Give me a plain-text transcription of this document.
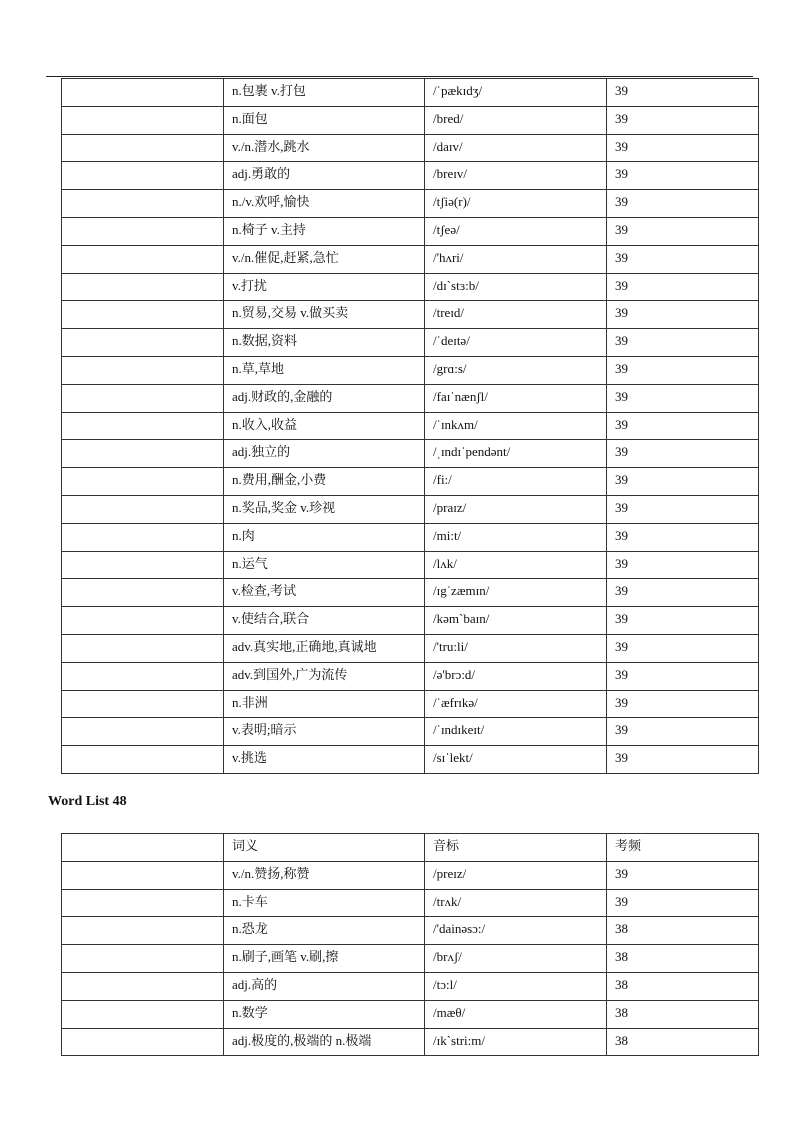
	n.包裹 v.打包	/ˈpækɪdʒ/	39

	n.面包	/bred/	39

	v./n.潜水,跳水	/daɪv/	39

	adj.勇敢的	/breɪv/	39

	n./v.欢呼,愉快	/tʃiə(r)/	39

	n.椅子 v.主持	/tʃeə/	39

	v./n.催促,赶紧,急忙	/'hʌri/	39

	v.打扰	/dɪˋstɜ:b/	39

	n.贸易,交易 v.做买卖	/treɪd/	39

	n.数据,资料	/ˈdeɪtə/	39

	n.草,草地	/grɑ:s/	39

	adj.财政的,金融的	/faɪˈnænʃl/	39

	n.收入,收益	/ˈɪnkʌm/	39

	adj.独立的	/ˌɪndɪˈpendənt/	39

	n.费用,酬金,小费	/fi:/	39

	n.奖品,奖金 v.珍视	/praɪz/	39

	n.肉	/mi:t/	39

	n.运气	/lʌk/	39

	v.检查,考试	/ɪgˈzæmɪn/	39

	v.使结合,联合	/kəmˋbaɪn/	39

	adv.真实地,正确地,真诚地	/'tru:li/	39

	adv.到国外,广为流传	/ə'brɔ:d/	39

	n.非洲	/ˈæfrɪkə/	39

	v.表明;暗示	/ˈɪndɪkeɪt/	39

	v.挑选	/sɪˈlekt/	39
Word List 48

	词义	音标	考频

	v./n.赞扬,称赞	/preɪz/	39

	n.卡车	/trʌk/	39

	n.恐龙	/'dainəsɔ:/	38

	n.刷子,画笔 v.刷,擦	/brʌʃ/	38

	adj.高的	/tɔ:l/	38

	n.数学	/mæθ/	38

	adj.极度的,极端的 n.极端	/ɪkˋstri:m/	38
